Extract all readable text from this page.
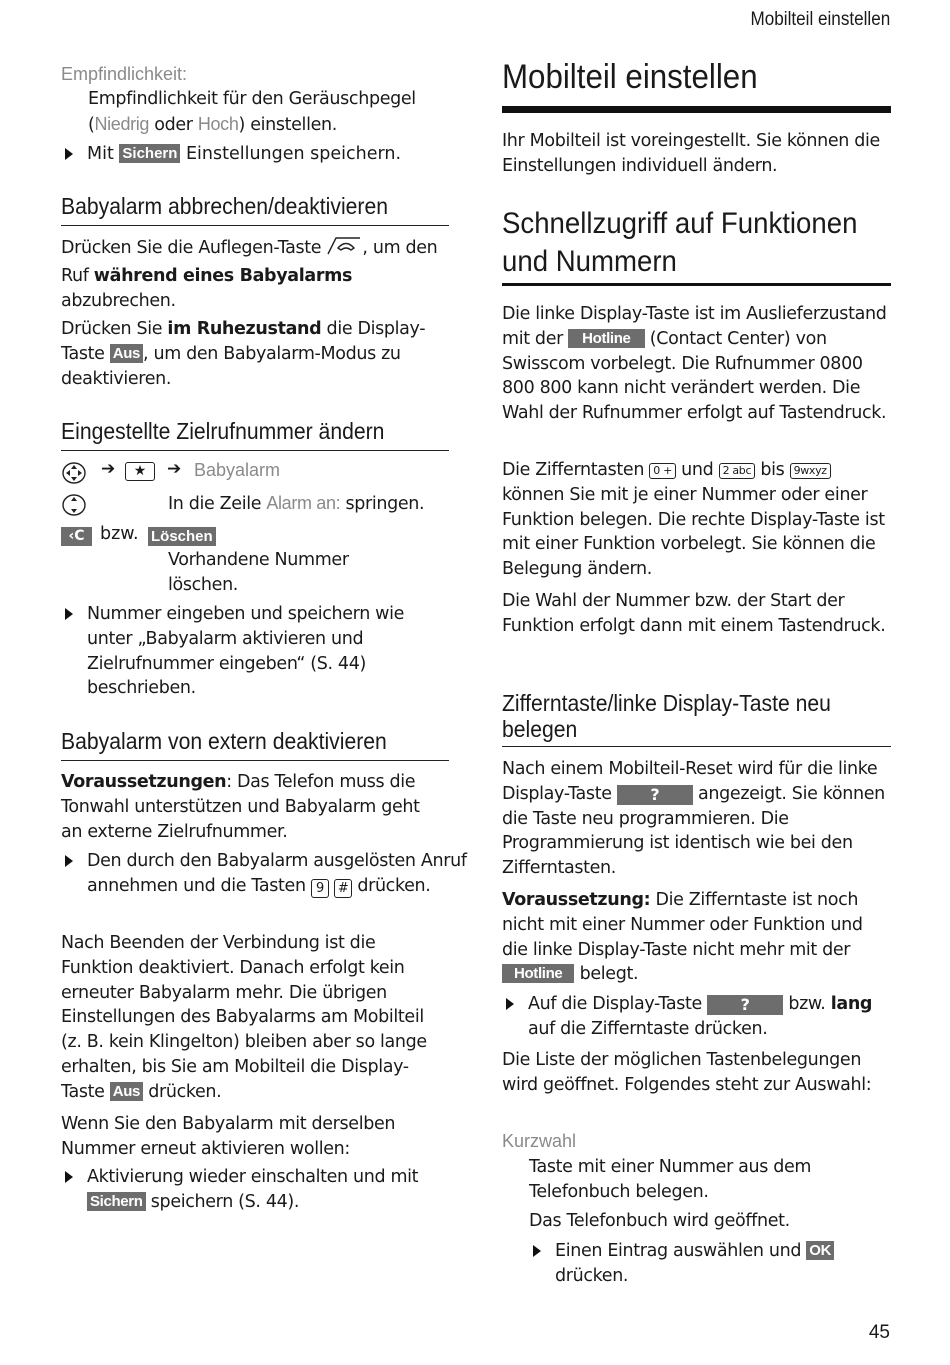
Mobilteil einstellen
Empfindlichkeit:

Empfindlichkeit für den Geräuschpegel
(Niedrig oder Hoch) einstellen.

Mit Sichern Einstellungen speichern.

Babyalarm abbrechen/deaktivieren

Drücken Sie die Auflegen-Taste , um den Ruf während eines Babyalarms abzubrechen.

Drücken Sie im Ruhezustand die Display-Taste Aus , um den Babyalarm-Modus zu deaktivieren.

Eingestellte Zielrufnummer ändern
➔	★	➔ Babyalarm

In die Zeile Alarm an: springen.

‹C bzw. Löschen

Vorhandene Nummer löschen.

Nummer eingeben und speichern wie unter „Babyalarm aktivieren und Zielrufnummer eingeben“ (S. 44) beschrieben.

Babyalarm von extern deaktivieren

Voraussetzungen: Das Telefon muss die Tonwahl unterstützen und Babyalarm geht an externe Zielrufnummer.

Den durch den Babyalarm ausgelösten Anruf annehmen und die Tasten 9 # drücken.

Nach Beenden der Verbindung ist die Funktion deaktiviert. Danach erfolgt kein erneuter Babyalarm mehr. Die übrigen Einstellungen des Babyalarms am Mobilteil (z. B. kein Klingelton) bleiben aber so lange erhalten, bis Sie am Mobilteil die Display-Taste Aus drücken.

Wenn Sie den Babyalarm mit derselben Nummer erneut aktivieren wollen:

Aktivierung wieder einschalten und mit Sichern speichern (S. 44).

Mobilteil einstellen

Ihr Mobilteil ist voreingestellt. Sie können die Einstellungen individuell ändern.

Schnellzugriff auf Funktionen und Nummern

Die linke Display-Taste ist im Auslieferzustand mit der Hotline (Contact Center) von Swisscom vorbelegt. Die Rufnummer 0800 800 800 kann nicht verändert werden. Die Wahl der Rufnummer erfolgt auf Tastendruck.

Die Zifferntasten 0 + und 2 abc bis 9wxyz können Sie mit je einer Nummer oder einer Funktion belegen. Die rechte Display-Taste ist mit einer Funktion vorbelegt. Sie können die Belegung ändern.

Die Wahl der Nummer bzw. der Start der Funktion erfolgt dann mit einem Tastendruck.

Zifferntaste/linke Display-Taste neu belegen

Nach einem Mobilteil-Reset wird für die linke Display-Taste ? angezeigt. Sie können die Taste neu programmieren. Die Programmierung ist identisch wie bei den Zifferntasten.

Voraussetzung: Die Zifferntaste ist noch nicht mit einer Nummer oder Funktion und die linke Display-Taste nicht mehr mit der Hotline belegt.

Auf die Display-Taste ? bzw. lang auf die Zifferntaste drücken.

Die Liste der möglichen Tastenbelegungen wird geöffnet. Folgendes steht zur Auswahl:

Kurzwahl

Taste mit einer Nummer aus dem Telefonbuch belegen.

Das Telefonbuch wird geöffnet.

Einen Eintrag auswählen und OK drücken.

45
